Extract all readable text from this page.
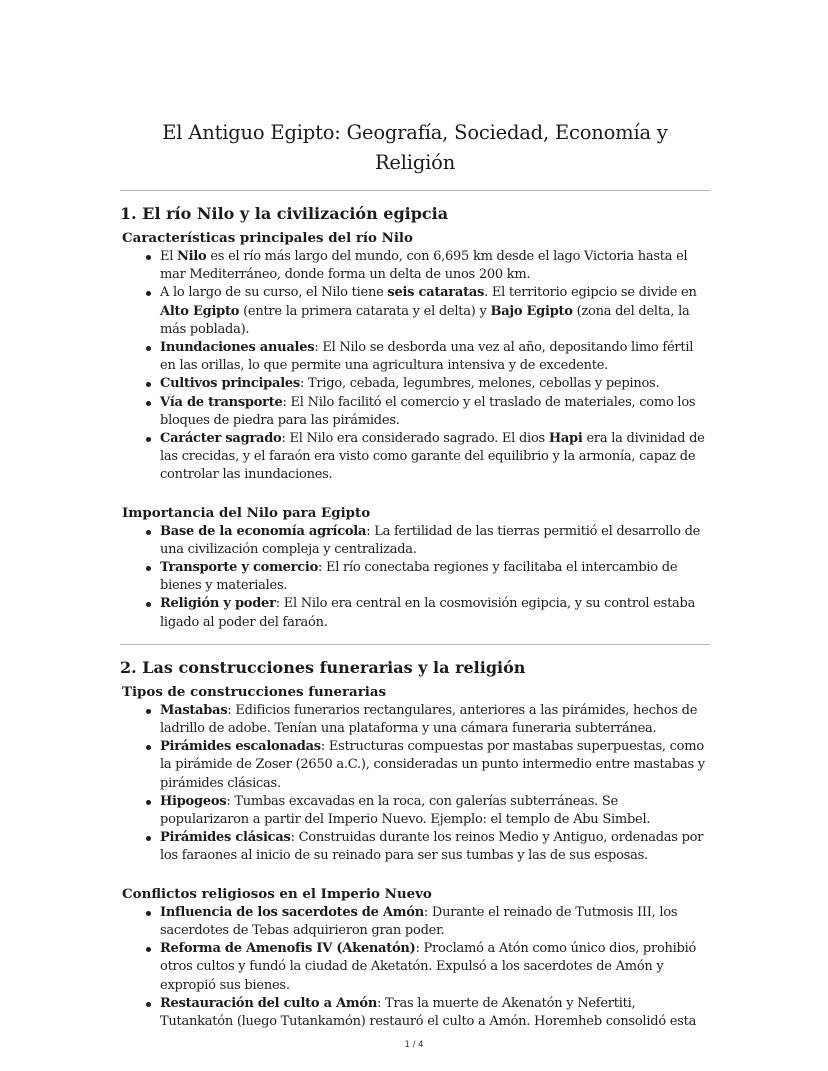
El Antiguo Egipto: Geografía, Sociedad, Economía y Religión
1. El río Nilo y la civilización egipcia
Características principales del río Nilo
El Nilo es el río más largo del mundo, con 6,695 km desde el lago Victoria hasta el mar Mediterráneo, donde forma un delta de unos 200 km.
A lo largo de su curso, el Nilo tiene seis cataratas. El territorio egipcio se divide en Alto Egipto (entre la primera catarata y el delta) y Bajo Egipto (zona del delta, la más poblada).
Inundaciones anuales: El Nilo se desborda una vez al año, depositando limo fértil en las orillas, lo que permite una agricultura intensiva y de excedente.
Cultivos principales: Trigo, cebada, legumbres, melones, cebollas y pepinos.
Vía de transporte: El Nilo facilitó el comercio y el traslado de materiales, como los bloques de piedra para las pirámides.
Carácter sagrado: El Nilo era considerado sagrado. El dios Hapi era la divinidad de las crecidas, y el faraón era visto como garante del equilibrio y la armonía, capaz de controlar las inundaciones.
Importancia del Nilo para Egipto
Base de la economía agrícola: La fertilidad de las tierras permitió el desarrollo de una civilización compleja y centralizada.
Transporte y comercio: El río conectaba regiones y facilitaba el intercambio de bienes y materiales.
Religión y poder: El Nilo era central en la cosmovisión egipcia, y su control estaba ligado al poder del faraón.
2. Las construcciones funerarias y la religión
Tipos de construcciones funerarias
Mastabas: Edificios funerarios rectangulares, anteriores a las pirámides, hechos de ladrillo de adobe. Tenían una plataforma y una cámara funeraria subterránea.
Pirámides escalonadas: Estructuras compuestas por mastabas superpuestas, como la pirámide de Zoser (2650 a.C.), consideradas un punto intermedio entre mastabas y pirámides clásicas.
Hipogeos: Tumbas excavadas en la roca, con galerías subterráneas. Se popularizaron a partir del Imperio Nuevo. Ejemplo: el templo de Abu Simbel.
Pirámides clásicas: Construidas durante los reinos Medio y Antiguo, ordenadas por los faraones al inicio de su reinado para ser sus tumbas y las de sus esposas.
Conflictos religiosos en el Imperio Nuevo
Influencia de los sacerdotes de Amón: Durante el reinado de Tutmosis III, los sacerdotes de Tebas adquirieron gran poder.
Reforma de Amenofis IV (Akenatón): Proclamó a Atón como único dios, prohibió otros cultos y fundó la ciudad de Aketatón. Expulsó a los sacerdotes de Amón y expropió sus bienes.
Restauración del culto a Amón: Tras la muerte de Akenatón y Nefertiti, Tutankatón (luego Tutankamón) restauró el culto a Amón. Horemheb consolidó esta
1 / 4
